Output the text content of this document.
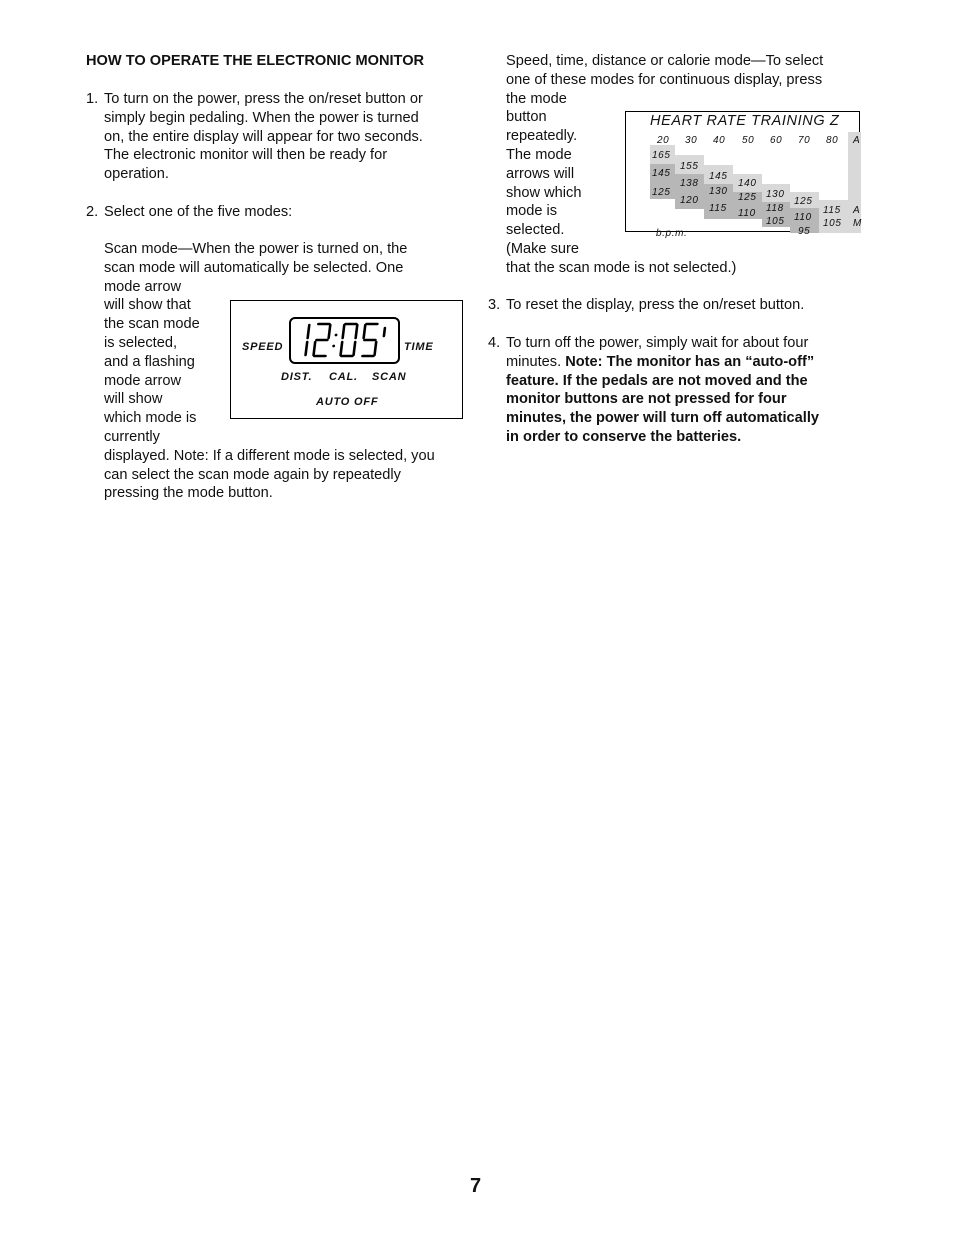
HOW TO OPERATE THE ELECTRONIC MONITOR
1. To turn on the power, press the on/reset button or
simply begin pedaling. When the power is turned
on, the entire display will appear for two seconds.
The electronic monitor will then be ready for
operation.
2. Select one of the five modes:
Scan mode—When the power is turned on, the
scan mode will automatically be selected. One
mode arrow
will show that
the scan mode
is selected,
and a flashing
mode arrow
will show
which mode is
currently
displayed. Note: If a different mode is selected, you
can select the scan mode again by repeatedly
pressing the mode button.
SPEED	TIME
DIST. CAL. SCAN
AUTO OFF
Speed, time, distance or calorie mode—To select
one of these modes for continuous display, press
the mode
button
repeatedly.
The mode
arrows will
show which
mode is
selected.
(Make sure
that the scan mode is not selected.)
HEART RATE TRAINING Z
20 30 40 50 60 70 80 A
165
145
125
155
138
120
145
130
115
140
125
110
130
118
105
125
110
95
115
105
A
M
b.p.m.
3. To reset the display, press the on/reset button.
4. To turn off the power, simply wait for about four
minutes. Note: The monitor has an “auto-off”
feature. If the pedals are not moved and the
monitor buttons are not pressed for four
minutes, the power will turn off automatically
in order to conserve the batteries.
7
